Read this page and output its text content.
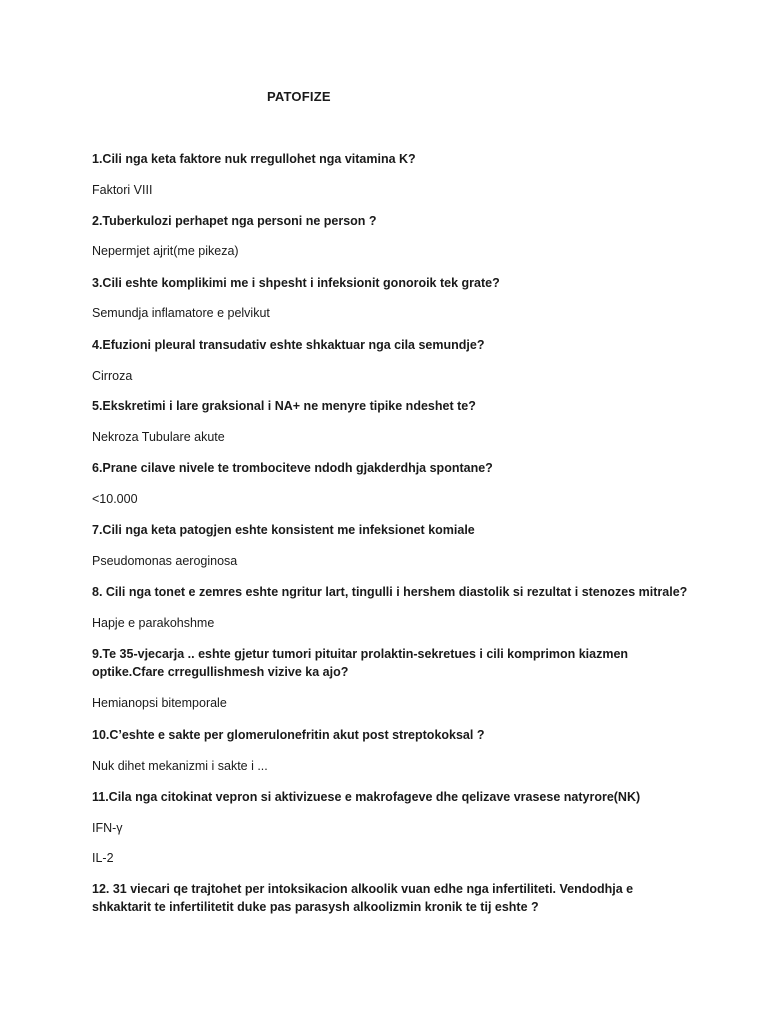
PATOFIZE
1.Cili nga keta faktore nuk rregullohet nga vitamina K?
Faktori VIII
2.Tuberkulozi perhapet nga personi ne person ?
Nepermjet ajrit(me pikeza)
3.Cili eshte komplikimi me i shpesht i infeksionit gonoroik tek grate?
Semundja inflamatore e pelvikut
4.Efuzioni pleural transudativ eshte shkaktuar nga cila semundje?
Cirroza
5.Ekskretimi i lare graksional i NA+ ne menyre tipike ndeshet te?
Nekroza Tubulare akute
6.Prane cilave nivele te trombociteve ndodh gjakderdhja spontane?
<10.000
7.Cili nga keta patogjen eshte konsistent me infeksionet komiale
Pseudomonas aeroginosa
8. Cili nga tonet e zemres eshte ngritur lart, tingulli i hershem diastolik si rezultat i stenozes mitrale?
Hapje e parakohshme
9.Te 35-vjecarja .. eshte gjetur tumori pituitar prolaktin-sekretues i cili komprimon kiazmen optike.Cfare crregullishmesh vizive ka ajo?
Hemianopsi bitemporale
10.C’eshte e sakte per glomerulonefritin akut post streptokoksal ?
Nuk dihet mekanizmi i sakte i ...
11.Cila nga citokinat vepron si aktivizuese e makrofageve dhe qelizave vrasese natyrore(NK)
IFN-γ
IL-2
12. 31 viecari qe trajtohet per intoksikacion alkoolik vuan edhe nga infertiliteti. Vendodhja e shkaktarit te infertilitetit duke pas parasysh alkoolizmin kronik te tij eshte ?
